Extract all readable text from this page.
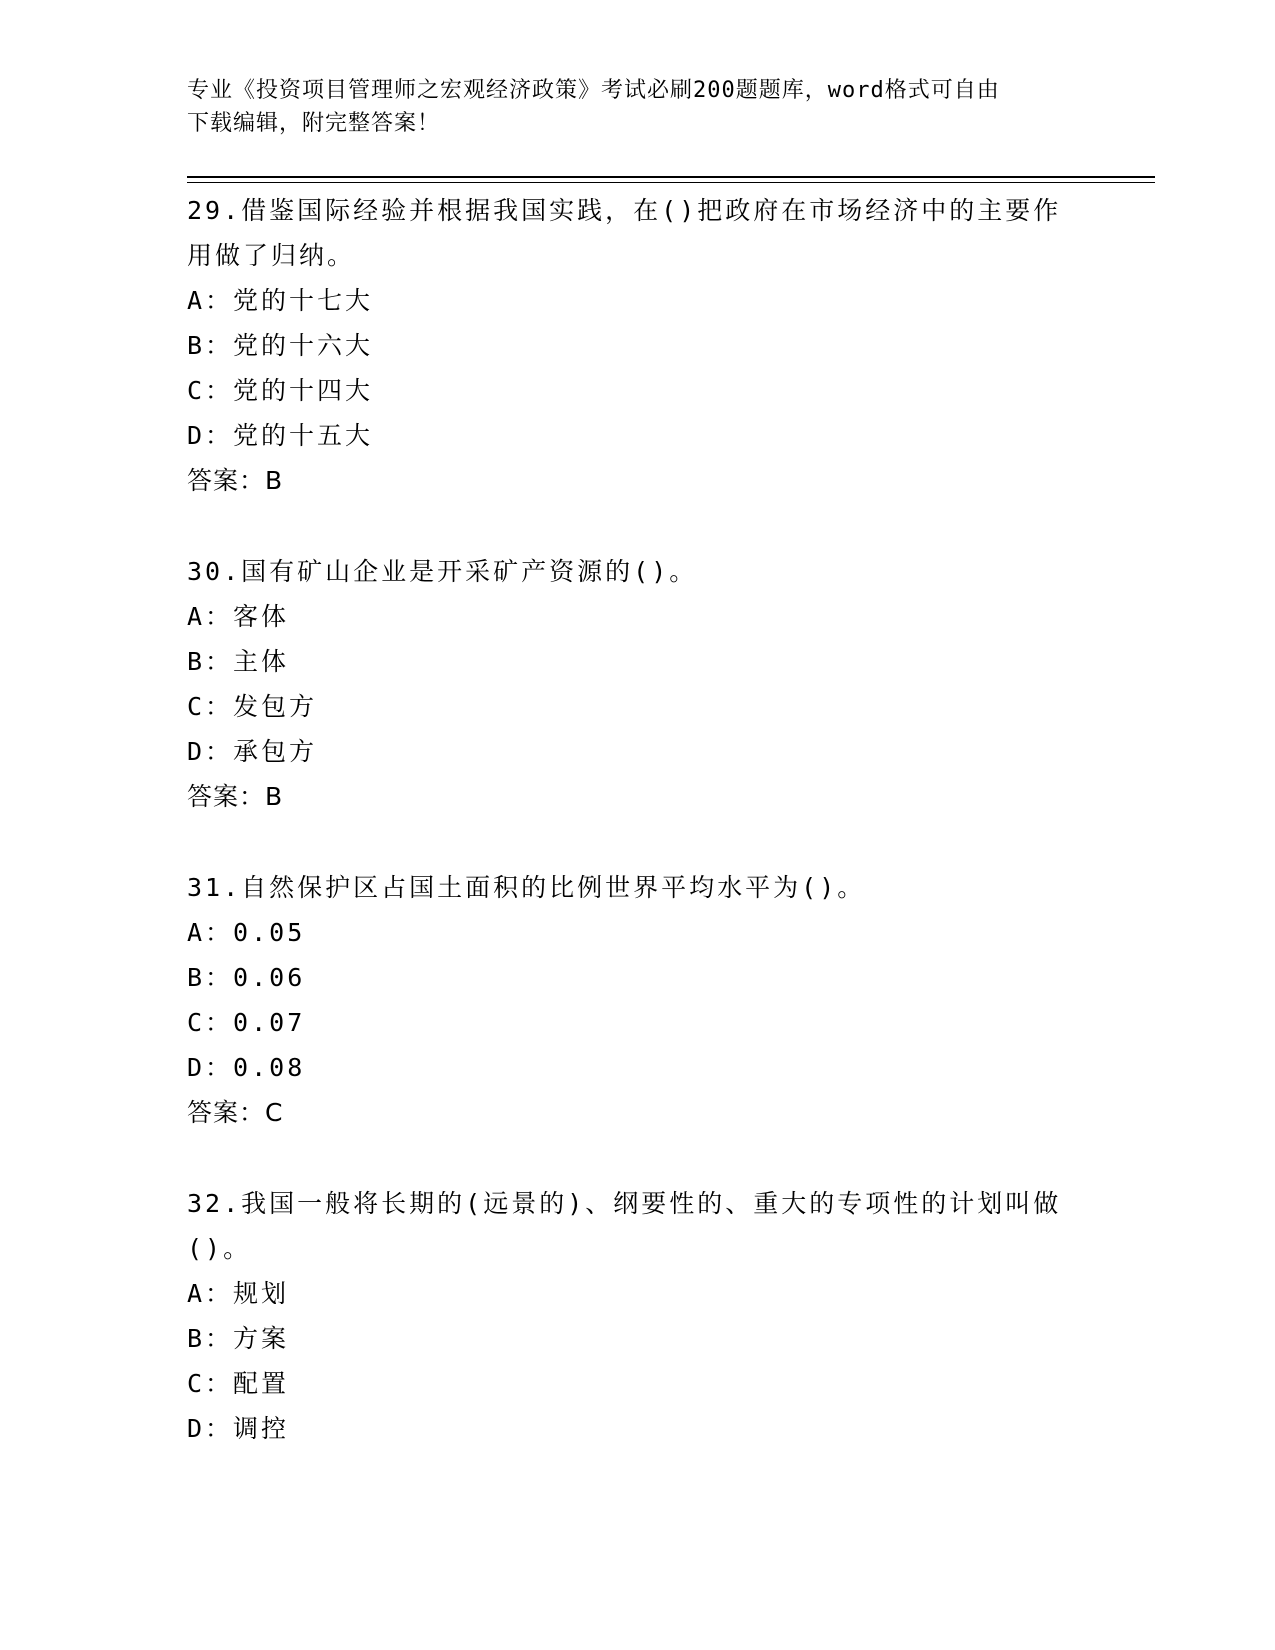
专业《投资项目管理师之宏观经济政策》考试必刷200题题库，word格式可自由
下载编辑，附完整答案！
29.借鉴国际经验并根据我国实践，在()把政府在市场经济中的主要作
用做了归纳。
A：党的十七大
B：党的十六大
C：党的十四大
D：党的十五大
答案：B
30.国有矿山企业是开采矿产资源的()。
A：客体
B：主体
C：发包方
D：承包方
答案：B
31.自然保护区占国土面积的比例世界平均水平为()。
A：0.05
B：0.06
C：0.07
D：0.08
答案：C
32.我国一般将长期的(远景的)、纲要性的、重大的专项性的计划叫做
()。
A：规划
B：方案
C：配置
D：调控
